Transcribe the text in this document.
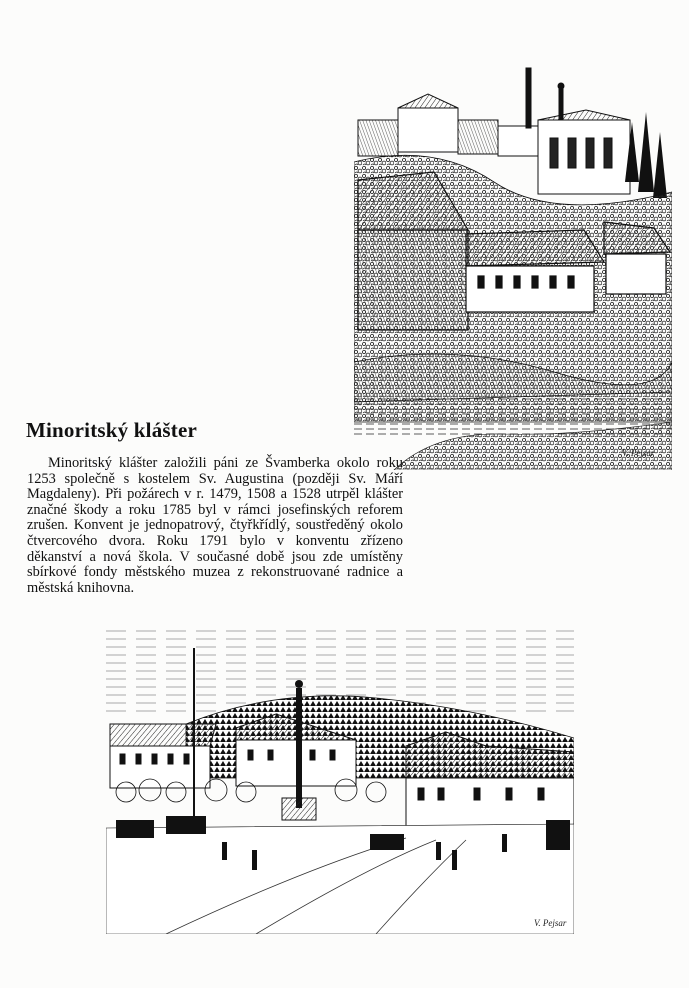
V. Pejsar
Minoritský klášter

Minoritský klášter založili páni ze Švamberka okolo roku 1253 společně s kostelem Sv. Augustina (později Sv. Máří Magdaleny). Při požárech v r. 1479, 1508 a 1528 utrpěl klášter značné škody a roku 1785 byl v rámci josefinských reforem zrušen. Konvent je jednopatrový, čtyřkřídlý, soustředěný okolo čtvercového dvora. Roku 1791 bylo v konventu zřízeno děkanství a nová škola. V současné době jsou zde umístěny sbírkové fondy městského muzea z rekonstruované radnice a městská knihovna.

V. Pejsar
